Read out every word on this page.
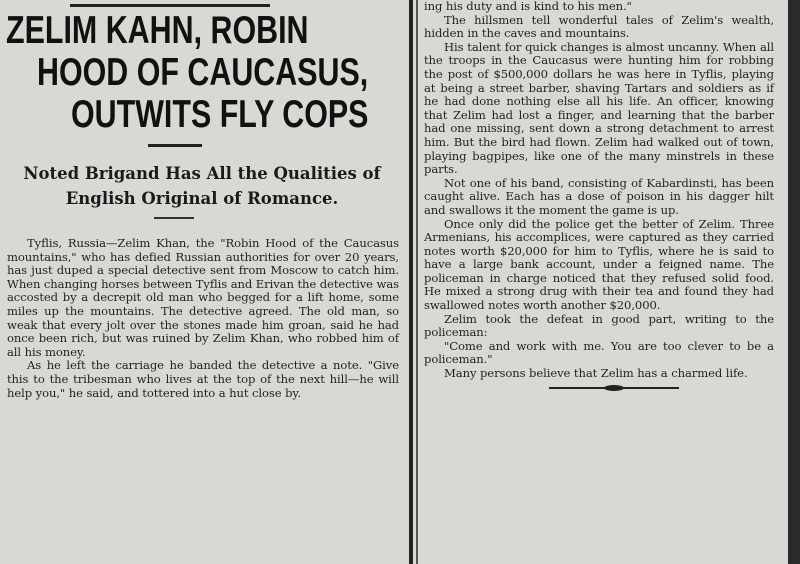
ZELIM KAHN, ROBIN
HOOD OF CAUCASUS,
OUTWITS FLY COPS
Noted Brigand Has All the Qualities of English Original of Romance.

Tyflis, Russia—Zelim Khan, the "Robin Hood of the Caucasus mountains," who has defied Russian authorities for over 20 years, has just duped a special detective sent from Moscow to catch him. When changing horses between Tyflis and Erivan the detective was accosted by a decrepit old man who begged for a lift home, some miles up the mountains. The detective agreed. The old man, so weak that every jolt over the stones made him groan, said he had once been rich, but was ruined by Zelim Khan, who robbed him of all his money.

As he left the carriage he banded the detective a note. "Give this to the tribesman who lives at the top of the next hill—he will help you," he said, and tottered into a hut close by.

ing his duty and is kind to his men."

The hillsmen tell wonderful tales of Zelim's wealth, hidden in the caves and mountains.

His talent for quick changes is almost uncanny. When all the troops in the Caucasus were hunting him for robbing the post of $500,000 dollars he was here in Tyflis, playing at being a street barber, shaving Tartars and soldiers as if he had done nothing else all his life. An officer, knowing that Zelim had lost a finger, and learning that the barber had one missing, sent down a strong detachment to arrest him. But the bird had flown. Zelim had walked out of town, playing bagpipes, like one of the many minstrels in these parts.

Not one of his band, consisting of Kabardinsti, has been caught alive. Each has a dose of poison in his dagger hilt and swallows it the moment the game is up.

Once only did the police get the better of Zelim. Three Armenians, his accomplices, were captured as they carried notes worth $20,000 for him to Tyflis, where he is said to have a large bank account, under a feigned name. The policeman in charge noticed that they refused solid food. He mixed a strong drug with their tea and found they had swallowed notes worth another $20,000.

Zelim took the defeat in good part, writing to the policeman:

"Come and work with me. You are too clever to be a policeman."

Many persons believe that Zelim has a charmed life.
